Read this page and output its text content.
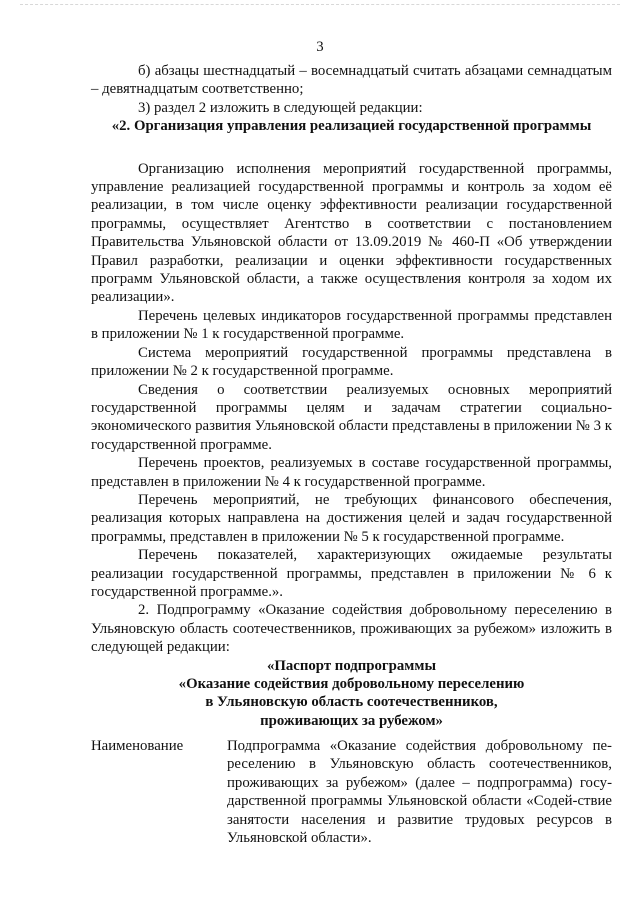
3

б) абзацы шестнадцатый – восемнадцатый считать абзацами семнадцатым – девятнадцатым соответственно;

3) раздел 2 изложить в следующей редакции:

«2. Организация управления реализацией государственной программы

Организацию исполнения мероприятий государственной программы, управление реализацией государственной программы и контроль за ходом её реализации, в том числе оценку эффективности реализации государственной программы, осуществляет Агентство в соответствии с постановлением Правительства Ульяновской области от 13.09.2019 № 460-П «Об утверждении Правил разработки, реализации и оценки эффективности государственных программ Ульяновской области, а также осуществления контроля за ходом их реализации».

Перечень целевых индикаторов государственной программы представлен в приложении № 1 к государственной программе.

Система мероприятий государственной программы представлена в приложении № 2 к государственной программе.

Сведения о соответствии реализуемых основных мероприятий государственной программы целям и задачам стратегии социально-экономического развития Ульяновской области представлены в приложении № 3 к государственной программе.

Перечень проектов, реализуемых в составе государственной программы, представлен в приложении № 4 к государственной программе.

Перечень мероприятий, не требующих финансового обеспечения, реализация которых направлена на достижения целей и задач государственной программы, представлен в приложении № 5 к государственной программе.

Перечень показателей, характеризующих ожидаемые результаты реализации государственной программы, представлен в приложении № 6 к государственной программе.».

2. Подпрограмму «Оказание содействия добровольному переселению в Ульяновскую область соотечественников, проживающих за рубежом» изложить в следующей редакции:

«Паспорт подпрограммы

«Оказание содействия добровольному переселению

в Ульяновскую область соотечественников,

проживающих за рубежом»

Наименование	Подпрограмма «Оказание содействия добровольному пе-реселению в Ульяновскую область соотечественников, проживающих за рубежом» (далее – подпрограмма) госу-дарственной программы Ульяновской области «Содей-ствие занятости населения и развитие трудовых ресурсов в Ульяновской области».
